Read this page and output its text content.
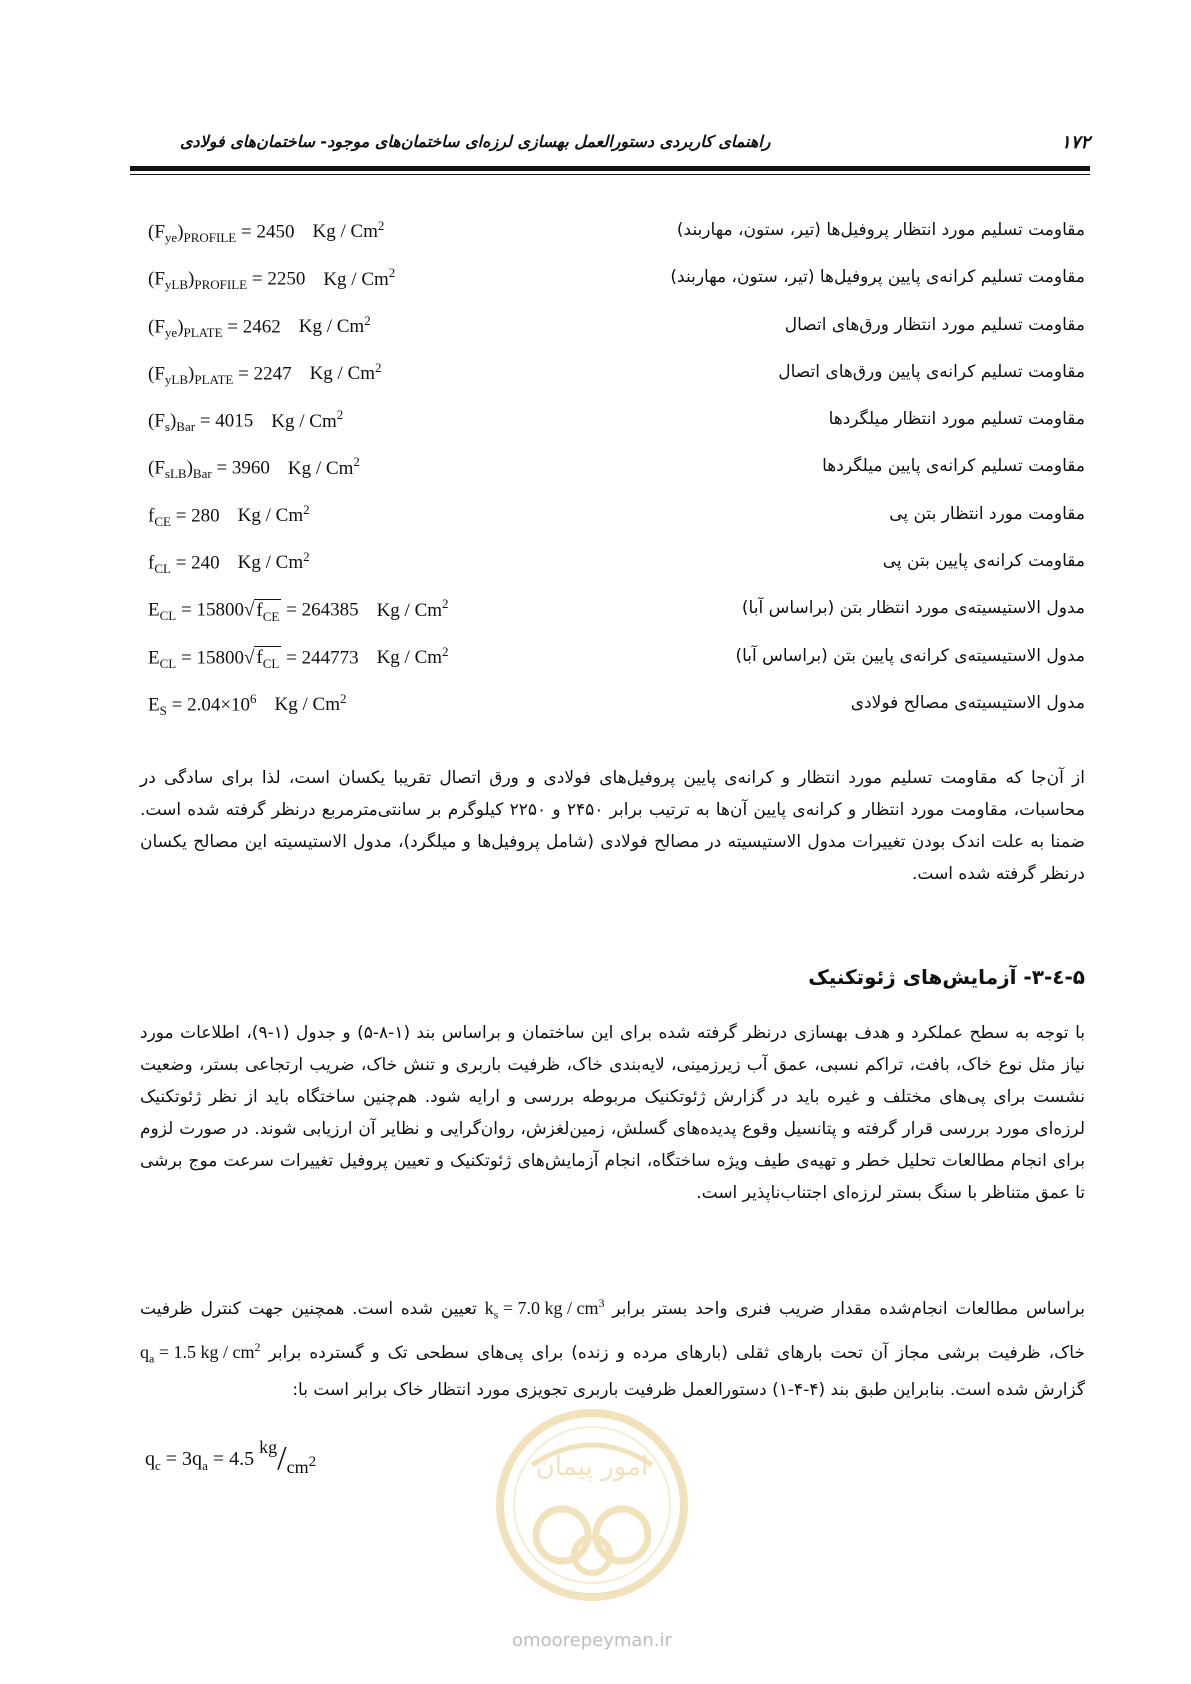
۱۷۲
راهنمای کاربردی دستورالعمل بهسازی لرزه‌ای ساختمان‌های موجود- ساختمان‌های فولادی
مقاومت تسلیم مورد انتظار پروفیل‌ها (تیر، ستون، مهاربند)
$(F_{ye})_{PROFILE} = 2450$ Kg / Cm$^2$
مقاومت تسلیم کرانه‌ی پایین پروفیل‌ها (تیر، ستون، مهاربند)
$(F_{yLB})_{PROFILE} = 2250$ Kg / Cm$^2$
مقاومت تسلیم مورد انتظار ورق‌های اتصال
$(F_{ye})_{PLATE} = 2462$ Kg / Cm$^2$
مقاومت تسلیم کرانه‌ی پایین ورق‌های اتصال
$(F_{yLB})_{PLATE} = 2247$ Kg / Cm$^2$
مقاومت تسلیم مورد انتظار میلگردها
$(F_s)_{Bar} = 4015$ Kg / Cm$^2$
مقاومت تسلیم کرانه‌ی پایین میلگردها
$(F_{sLB})_{Bar} = 3960$ Kg / Cm$^2$
مقاومت مورد انتظار بتن پی
$f_{CE} = 280$ Kg / Cm$^2$
مقاومت کرانه‌ی پایین بتن پی
$f_{CL} = 240$ Kg / Cm$^2$
مدول الاستیسیته‌ی مورد انتظار بتن (براساس آبا)
$E_{CL} = 15800√$ $f_{CE} = 264385$ Kg / Cm$^2$
مدول الاستیسیته‌ی کرانه‌ی پایین بتن (براساس آبا)
$E_{CL} = 15800√$ $f_{CL} = 244773$ Kg / Cm$^2$
مدول الاستیسیته‌ی مصالح فولادی
$E_S = 2.04\times 10^6$ Kg / Cm$^2$

از آن‌جا که مقاومت تسلیم مورد انتظار و کرانه‌ی پایین پروفیل‌های فولادی و ورق اتصال تقریبا یکسان است، لذا برای سادگی در محاسبات، مقاومت مورد انتظار و کرانه‌ی پایین آن‌ها به ترتیب برابر ۲۴۵۰ و ۲۲۵۰ کیلوگرم بر سانتی‌مترمربع درنظر گرفته شده است. ضمنا به علت اندک بودن تغییرات مدول الاستیسیته در مصالح فولادی (شامل پروفیل‌ها و میلگرد)، مدول الاستیسیته این مصالح یکسان درنظر گرفته شده است.

۵-٤-۳- آزمایش‌های ژئوتکنیک

با توجه به سطح عملکرد و هدف بهسازی درنظر گرفته شده برای این ساختمان و براساس بند (۱-۸-۵) و جدول (۱-۹)، اطلاعات مورد نیاز مثل نوع خاک، بافت، تراکم نسبی، عمق آب زیرزمینی، لایه‌بندی خاک، ظرفیت باربری و تنش خاک، ضریب ارتجاعی بستر، وضعیت نشست برای پی‌های مختلف و غیره باید در گزارش ژئوتکنیک مربوطه بررسی و ارایه شود. هم‌چنین ساختگاه باید از نظر ژئوتکنیک لرزه‌ای مورد بررسی قرار گرفته و پتانسیل وقوع پدیده‌های گسلش، زمین‌لغزش، روان‌گرایی و نظایر آن ارزیابی شوند. در صورت لزوم برای انجام مطالعات تحلیل خطر و تهیه‌ی طیف ویژه ساختگاه، انجام آزمایش‌های ژئوتکنیک و تعیین پروفیل تغییرات سرعت موج برشی تا عمق متناظر با سنگ بستر لرزه‌ای اجتناب‌ناپذیر است.

براساس مطالعات انجام‌شده مقدار ضریب فنری واحد بستر برابر $k_s = 7.0$ kg / $cm^3$ تعیین شده است. همچنین جهت کنترل ظرفیت خاک، ظرفیت برشی مجاز آن تحت بارهای ثقلی (بارهای مرده و زنده) برای پی‌های سطحی تک و گسترده برابر $q_a = 1.5$ kg / $cm^2$ گزارش شده است. بنابراین طبق بند (۴-۴-۱) دستورالعمل ظرفیت باربری تجویزی مورد انتظار خاک برابر است با:

$q_c = 3q_a = 4.5$ $kg/cm^2$	امور پیمان
omoorepeyman.ir
